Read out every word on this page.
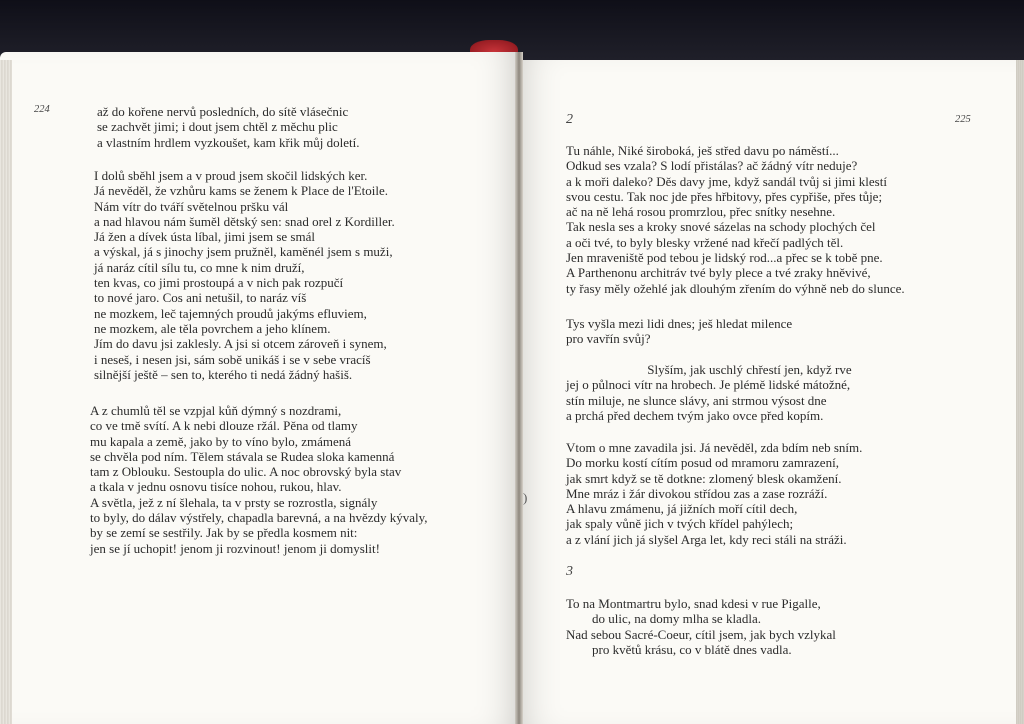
224	až do kořene nervů posledních, do sítě vlásečnic
se zachvět jimi; i dout jsem chtěl z měchu plic
a vlastním hrdlem vyzkoušet, kam křik můj doletí.
I dolů sběhl jsem a v proud jsem skočil lidských ker.
Já nevěděl, že vzhůru kams se ženem k Place de l'Etoile.
Nám vítr do tváří světelnou pršku vál
a nad hlavou nám šuměl dětský sen: snad orel z Kordiller.
Já žen a dívek ústa líbal, jimi jsem se smál
a výskal, já s jinochy jsem pružněl, kaměnél jsem s muži,
já naráz cítil sílu tu, co mne k nim druží,
ten kvas, co jimi prostoupá a v nich pak rozpučí
to nové jaro. Cos ani netušil, to naráz víš
ne mozkem, leč tajemných proudů jakýms efluviem,
ne mozkem, ale těla povrchem a jeho klínem.
Jím do davu jsi zaklesly. A jsi si otcem zároveň i synem,
i neseš, i nesen jsi, sám sobě unikáš i se v sebe vracíš
silnější ještě – sen to, kterého ti nedá žádný hašiš.
A z chumlů těl se vzpjal kůň dýmný s nozdrami,
co ve tmě svítí. A k nebi dlouze ržál. Pěna od tlamy
mu kapala a země, jako by to víno bylo, zmámená
se chvěla pod ním. Tělem stávala se Rudea sloka kamenná
tam z Oblouku. Sestoupla do ulic. A noc obrovský byla stav
a tkala v jednu osnovu tisíce nohou, rukou, hlav.
A světla, jež z ní šlehala, ta v prsty se rozrostla, signály
to byly, do dálav výstřely, chapadla barevná, a na hvězdy kývaly,
by se zemí se sestřily. Jak by se předla kosmem nit:
jen se jí uchopit! jenom ji rozvinout! jenom ji domyslit!
2	225
Tu náhle, Niké široboká, ješ střed davu po náměstí...
Odkud ses vzala? S lodí přistálas? ač žádný vítr neduje?
a k moři daleko? Děs davy jme, když sandál tvůj si jimi klestí
svou cestu. Tak noc jde přes hřbitovy, přes cypřiše, přes tůje;
ač na ně lehá rosou promrzlou, přec snítky nesehne.
Tak nesla ses a kroky snové sázelas na schody plochých čel
a oči tvé, to byly blesky vržené nad křečí padlých těl.
Jen mraveniště pod tebou je lidský rod...a přec se k tobě pne.
A Parthenonu architráv tvé byly plece a tvé zraky hněvivé,
ty řasy měly ožehlé jak dlouhým zřením do výhně neb do slunce.
Tys vyšla mezi lidi dnes; ješ hledat milence
pro vavřín svůj?
Slyším, jak uschlý chřestí jen, když rve
jej o půlnoci vítr na hrobech. Je plémě lidské mátožné,
stín miluje, ne slunce slávy, ani strmou výsost dne
a prchá před dechem tvým jako ovce před kopím.
Vtom o mne zavadila jsi. Já nevěděl, zda bdím neb sním.
Do morku kostí cítím posud od mramoru zamrazení,
jak smrt když se tě dotkne: zlomený blesk okamžení.
Mne mráz i žár divokou střídou zas a zase rozráží.
A hlavu zmámenu, já jižních moří cítil dech,
jak spaly vůně jich v tvých křídel pahýlech;
a z vlání jich já slyšel Arga let, kdy reci stáli na stráži.
3
To na Montmartru bylo, snad kdesi v rue Pigalle,
do ulic, na domy mlha se kladla.
Nad sebou Sacré-Coeur, cítil jsem, jak bych vzlykal
pro květů krásu, co v blátě dnes vadla.
)
